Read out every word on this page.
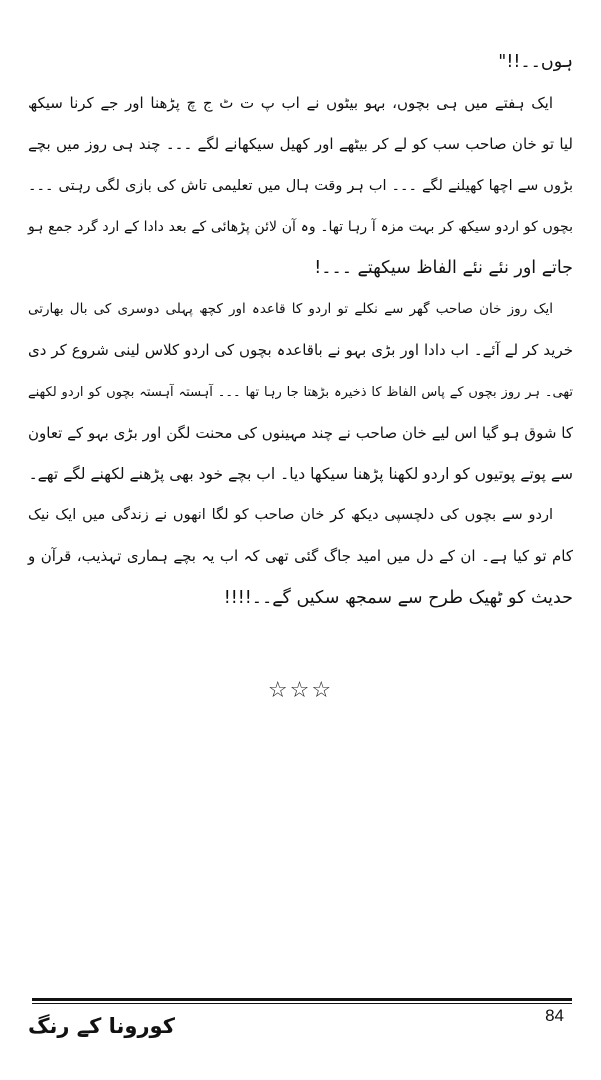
ہوں۔۔!!"

ایک ہفتے میں ہی بچوں، بہو بیٹوں نے اب پ ت ٹ ج چ پڑھنا اور جے کرنا سیکھ
لیا تو خان صاحب سب کو لے کر بیٹھے اور کھیل سیکھانے لگے ۔۔۔ چند ہی روز میں بچے
بڑوں سے اچھا کھیلنے لگے ۔۔۔ اب ہر وقت ہال میں تعلیمی تاش کی بازی لگی رہتی ۔۔۔
بچوں کو اردو سیکھ کر بہت مزہ آ رہا تھا۔ وہ آن لائن پڑھائی کے بعد دادا کے ارد گرد جمع ہو
جاتے اور نئے نئے الفاظ سیکھتے ۔۔۔!

ایک روز خان صاحب گھر سے نکلے تو اردو کا قاعدہ اور کچھ پہلی دوسری کی بال بھارتی
خرید کر لے آئے۔ اب دادا اور بڑی بہو نے باقاعدہ بچوں کی اردو کلاس لینی شروع کر دی
تھی۔ ہر روز بچوں کے پاس الفاظ کا ذخیرہ بڑھتا جا رہا تھا ۔۔۔ آہستہ آہستہ بچوں کو اردو لکھنے
کا شوق ہو گیا اس لیے خان صاحب نے چند مہینوں کی محنت لگن اور بڑی بہو کے تعاون
سے پوتے پوتیوں کو اردو لکھنا پڑھنا سیکھا دیا۔ اب بچے خود بھی پڑھنے لکھنے لگے تھے۔

اردو سے بچوں کی دلچسپی دیکھ کر خان صاحب کو لگا انھوں نے زندگی میں ایک نیک
کام تو کیا ہے۔ ان کے دل میں امید جاگ گئی تھی کہ اب یہ بچے ہماری تہذیب، قرآن و
حدیث کو ٹھیک طرح سے سمجھ سکیں گے۔۔!!!!

☆☆☆
84
کورونا کے رنگ
